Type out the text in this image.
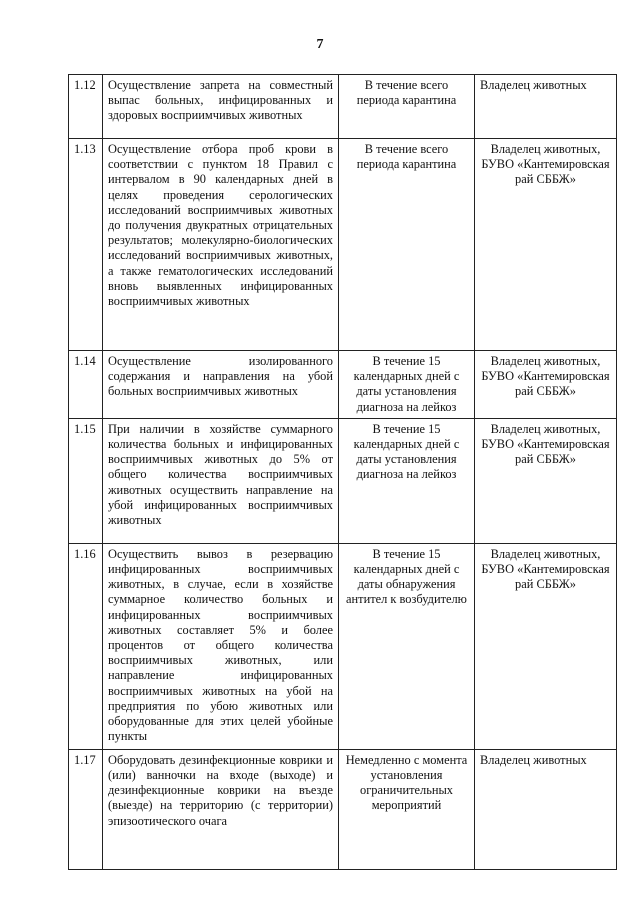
7
1.12	Осуществление запрета на совместный выпас больных, инфицированных и здоровых восприимчивых животных	В течение всего периода карантина	Владелец животных
1.13	Осуществление отбора проб крови в соответствии с пунктом 18 Правил с интервалом в 90 календарных дней в целях проведения серологических исследований восприимчивых животных до получения двукратных отрицательных результатов; молекулярно-биологических исследований восприимчивых животных, а также гематологических исследований вновь выявленных инфицированных восприимчивых животных	В течение всего периода карантина	Владелец животных, БУВО «Кантемировская рай СББЖ»
1.14	Осуществление изолированного содержания и направления на убой больных восприимчивых животных	В течение 15 календарных дней с даты установления диагноза на лейкоз	Владелец животных, БУВО «Кантемировская рай СББЖ»
1.15	При наличии в хозяйстве суммарного количества больных и инфицированных восприимчивых животных до 5% от общего количества восприимчивых животных осуществить направление на убой инфицированных восприимчивых животных	В течение 15 календарных дней с даты установления диагноза на лейкоз	Владелец животных, БУВО «Кантемировская рай СББЖ»
1.16	Осуществить вывоз в резервацию инфицированных восприимчивых животных, в случае, если в хозяйстве суммарное количество больных и инфицированных восприимчивых животных составляет 5% и более процентов от общего количества восприимчивых животных, или направление инфицированных восприимчивых животных на убой на предприятия по убою животных или оборудованные для этих целей убойные пункты	В течение 15 календарных дней с даты обнаружения антител к возбудителю	Владелец животных, БУВО «Кантемировская рай СББЖ»
1.17	Оборудовать дезинфекционные коврики и (или) ванночки на входе (выходе) и дезинфекционные коврики на въезде (выезде) на территорию (с территории) эпизоотического очага	Немедленно с момента установления ограничительных мероприятий	Владелец животных
